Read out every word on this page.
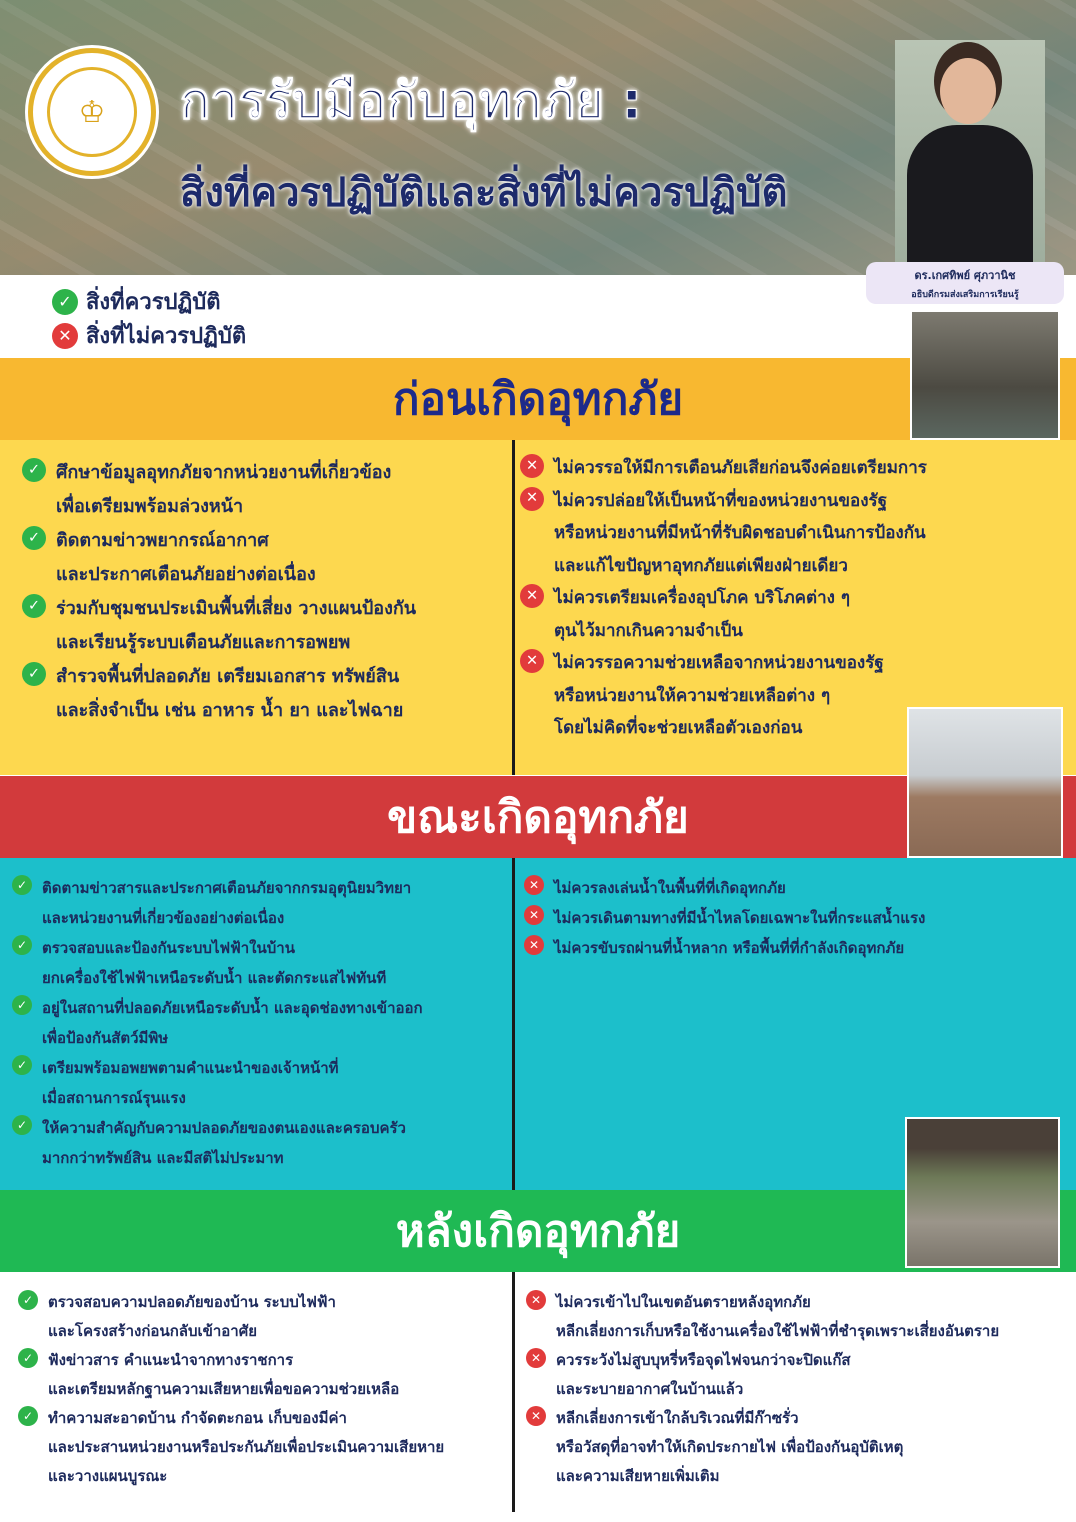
♔	การรับมือกับอุทกภัย :
สิ่งที่ควรปฏิบัติและสิ่งที่ไม่ควรปฏิบัติ
ดร.เกศทิพย์ ศุภวานิช
อธิบดีกรมส่งเสริมการเรียนรู้
✓ สิ่งที่ควรปฏิบัติ
✕ สิ่งที่ไม่ควรปฏิบัติ
ก่อนเกิดอุทกภัย
✓ ศึกษาข้อมูลอุทกภัยจากหน่วยงานที่เกี่ยวข้อง
เพื่อเตรียมพร้อมล่วงหน้า
✓ ติดตามข่าวพยากรณ์อากาศ
และประกาศเตือนภัยอย่างต่อเนื่อง
✓ ร่วมกับชุมชนประเมินพื้นที่เสี่ยง วางแผนป้องกัน
และเรียนรู้ระบบเตือนภัยและการอพยพ
✓ สำรวจพื้นที่ปลอดภัย เตรียมเอกสาร ทรัพย์สิน
และสิ่งจำเป็น เช่น อาหาร น้ำ ยา และไฟฉาย
✕ ไม่ควรรอให้มีการเตือนภัยเสียก่อนจึงค่อยเตรียมการ
✕ ไม่ควรปล่อยให้เป็นหน้าที่ของหน่วยงานของรัฐ
หรือหน่วยงานที่มีหน้าที่รับผิดชอบดำเนินการป้องกัน
และแก้ไขปัญหาอุทกภัยแต่เพียงฝ่ายเดียว
✕ ไม่ควรเตรียมเครื่องอุปโภค บริโภคต่าง ๆ
ตุนไว้มากเกินความจำเป็น
✕ ไม่ควรรอความช่วยเหลือจากหน่วยงานของรัฐ
หรือหน่วยงานให้ความช่วยเหลือต่าง ๆ
โดยไม่คิดที่จะช่วยเหลือตัวเองก่อน
ขณะเกิดอุทกภัย
✓ ติดตามข่าวสารและประกาศเตือนภัยจากกรมอุตุนิยมวิทยา
และหน่วยงานที่เกี่ยวข้องอย่างต่อเนื่อง
✓ ตรวจสอบและป้องกันระบบไฟฟ้าในบ้าน
ยกเครื่องใช้ไฟฟ้าเหนือระดับน้ำ และตัดกระแสไฟทันที
✓ อยู่ในสถานที่ปลอดภัยเหนือระดับน้ำ และอุดช่องทางเข้าออก
เพื่อป้องกันสัตว์มีพิษ
✓ เตรียมพร้อมอพยพตามคำแนะนำของเจ้าหน้าที่
เมื่อสถานการณ์รุนแรง
✓ ให้ความสำคัญกับความปลอดภัยของตนเองและครอบครัว
มากกว่าทรัพย์สิน และมีสติไม่ประมาท
✕ ไม่ควรลงเล่นน้ำในพื้นที่ที่เกิดอุทกภัย
✕ ไม่ควรเดินตามทางที่มีน้ำไหลโดยเฉพาะในที่กระแสน้ำแรง
✕ ไม่ควรขับรถผ่านที่น้ำหลาก หรือพื้นที่ที่กำลังเกิดอุทกภัย
หลังเกิดอุทกภัย
✓ ตรวจสอบความปลอดภัยของบ้าน ระบบไฟฟ้า
และโครงสร้างก่อนกลับเข้าอาศัย
✓ ฟังข่าวสาร คำแนะนำจากทางราชการ
และเตรียมหลักฐานความเสียหายเพื่อขอความช่วยเหลือ
✓ ทำความสะอาดบ้าน กำจัดตะกอน เก็บของมีค่า
และประสานหน่วยงานหรือประกันภัยเพื่อประเมินความเสียหาย
และวางแผนบูรณะ
✕ ไม่ควรเข้าไปในเขตอันตรายหลังอุทกภัย
หลีกเลี่ยงการเก็บหรือใช้งานเครื่องใช้ไฟฟ้าที่ชำรุดเพราะเสี่ยงอันตราย
✕ ควรระวังไม่สูบบุหรี่หรือจุดไฟจนกว่าจะปิดแก๊ส
และระบายอากาศในบ้านแล้ว
✕ หลีกเลี่ยงการเข้าใกล้บริเวณที่มีก๊าซรั่ว
หรือวัสดุที่อาจทำให้เกิดประกายไฟ เพื่อป้องกันอุบัติเหตุ
และความเสียหายเพิ่มเติม
